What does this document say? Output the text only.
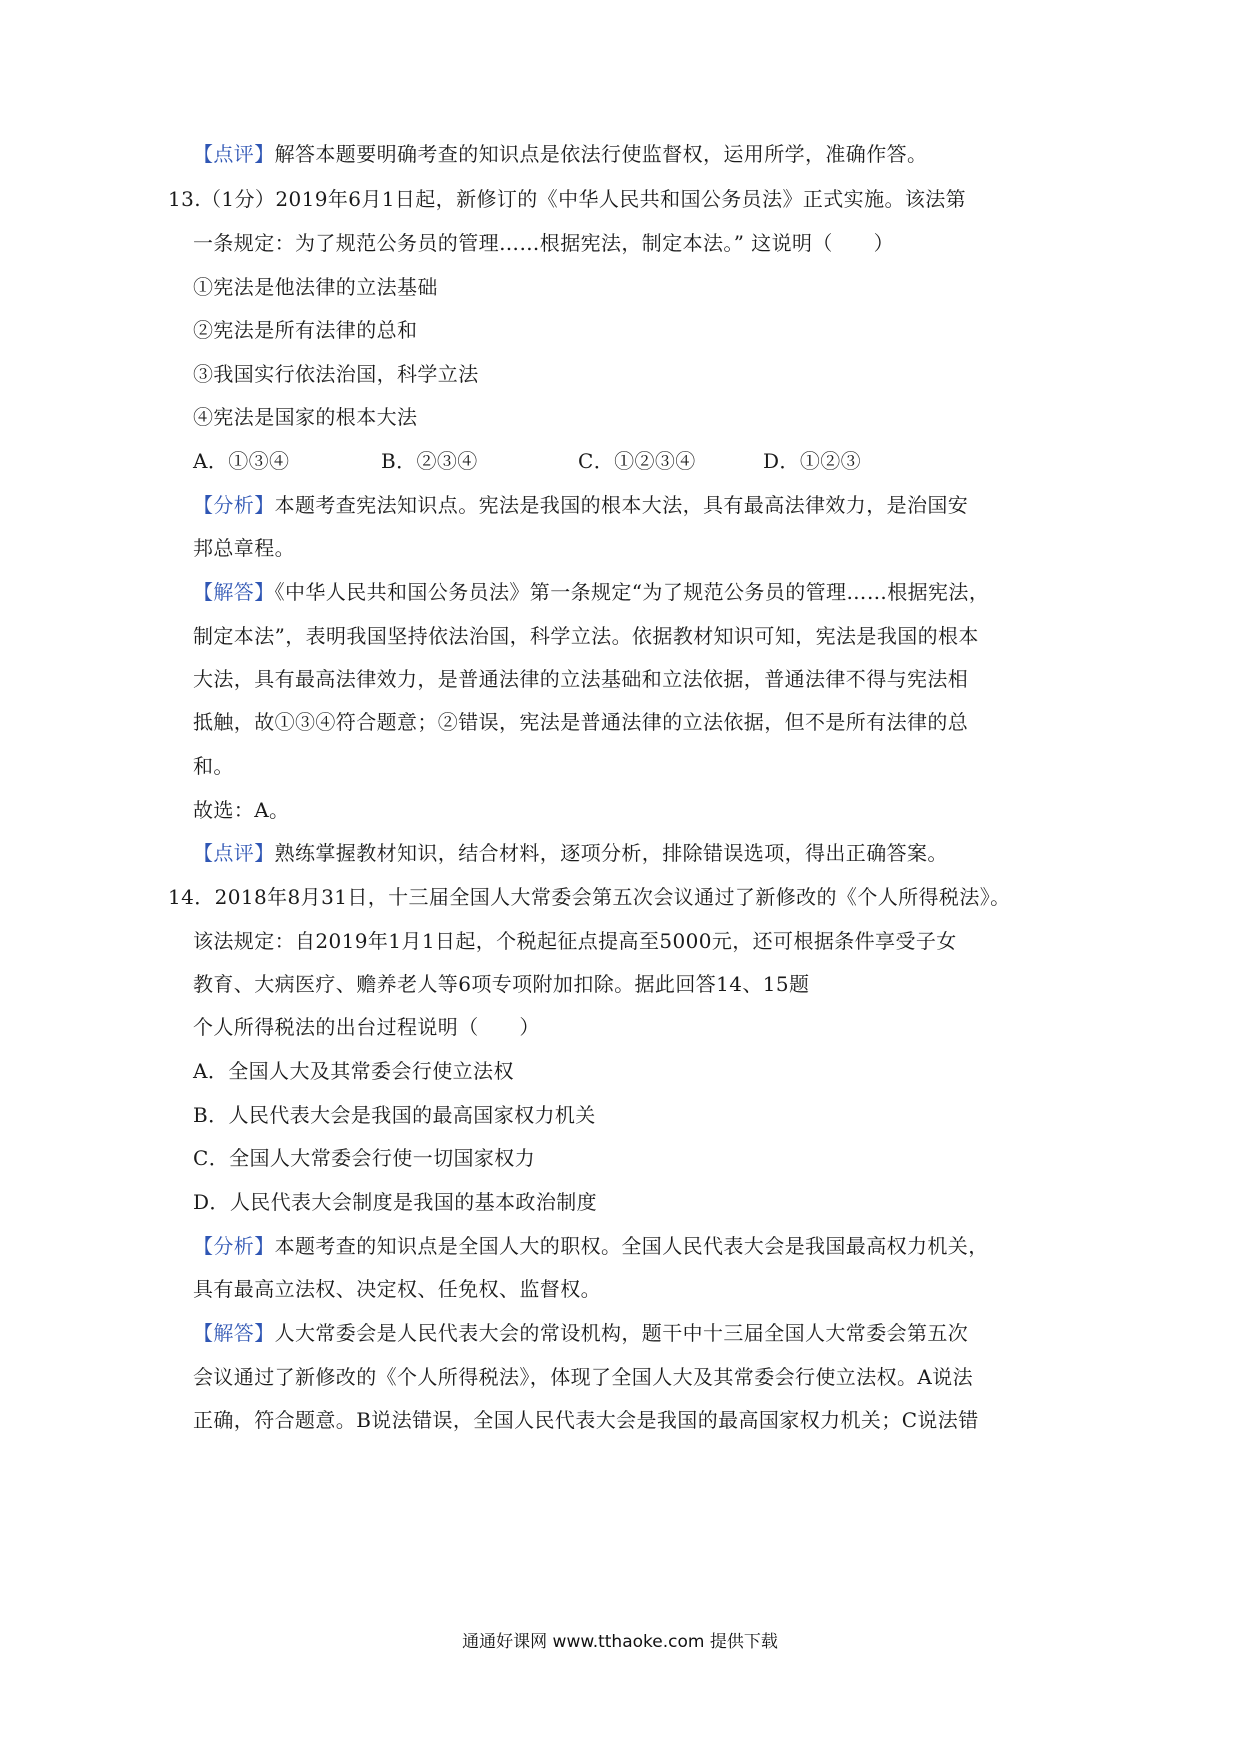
【点评】解答本题要明确考查的知识点是依法行使监督权，运用所学，准确作答。
13.（1分）2019年6月1日起，新修订的《中华人民共和国公务员法》正式实施。该法第
一条规定：为了规范公务员的管理……根据宪法，制定本法。” 这说明（　　）
①宪法是他法律的立法基础
②宪法是所有法律的总和
③我国实行依法治国，科学立法
④宪法是国家的根本大法
A．①③④	B．②③④	C．①②③④	D．①②③
【分析】本题考查宪法知识点。宪法是我国的根本大法，具有最高法律效力，是治国安
邦总章程。
【解答】《中华人民共和国公务员法》第一条规定“为了规范公务员的管理……根据宪法，
制定本法”，表明我国坚持依法治国，科学立法。依据教材知识可知，宪法是我国的根本
大法，具有最高法律效力，是普通法律的立法基础和立法依据，普通法律不得与宪法相
抵触，故①③④符合题意；②错误，宪法是普通法律的立法依据，但不是所有法律的总
和。
故选：A。
【点评】熟练掌握教材知识，结合材料，逐项分析，排除错误选项，得出正确答案。
14．2018年8月31日，十三届全国人大常委会第五次会议通过了新修改的《个人所得税法》。
该法规定：自2019年1月1日起，个税起征点提高至5000元，还可根据条件享受子女
教育、大病医疗、赡养老人等6项专项附加扣除。据此回答14、15题
个人所得税法的出台过程说明（　　）
A．全国人大及其常委会行使立法权
B．人民代表大会是我国的最高国家权力机关
C．全国人大常委会行使一切国家权力
D．人民代表大会制度是我国的基本政治制度
【分析】本题考查的知识点是全国人大的职权。全国人民代表大会是我国最高权力机关，
具有最高立法权、决定权、任免权、监督权。
【解答】人大常委会是人民代表大会的常设机构，题干中十三届全国人大常委会第五次
会议通过了新修改的《个人所得税法》，体现了全国人大及其常委会行使立法权。A说法
正确，符合题意。B说法错误，全国人民代表大会是我国的最高国家权力机关；C说法错
通通好课网 www.tthaoke.com 提供下载
